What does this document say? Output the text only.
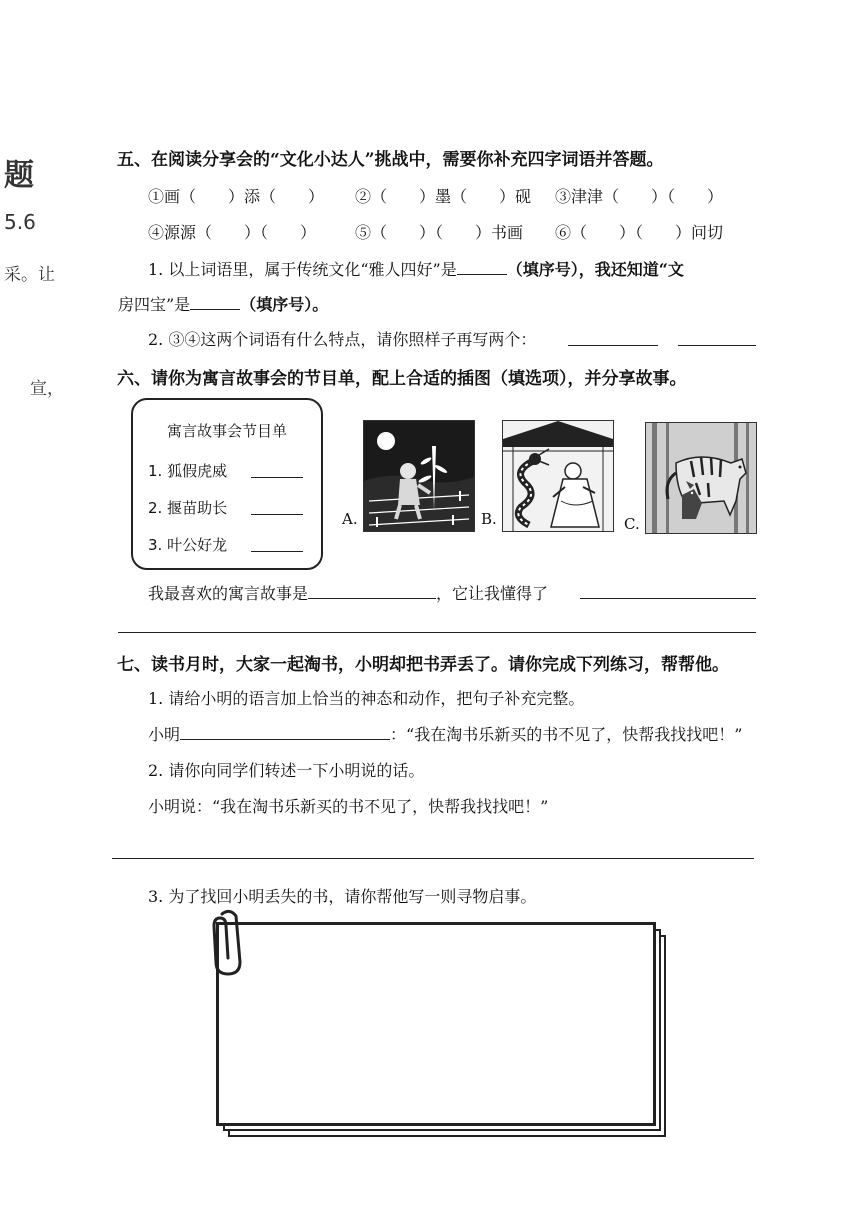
题
5.6
采。让
宣，
五、在阅读分享会的“文化小达人”挑战中，需要你补充四字词语并答题。
①画（　　）添（　　） ②（　　）墨（　　）砚 ③津津（　　）（　　）
④源源（　　）（　　） ⑤（　　）（　　）书画 ⑥（　　）（　　）问切
1. 以上词语里，属于传统文化“雅人四好”是	（填序号），我还知道“文
房四宝”是	（填序号）。
2. ③④这两个词语有什么特点，请你照样子再写两个：
六、请你为寓言故事会的节目单，配上合适的插图（填选项），并分享故事。
寓言故事会节目单
1. 狐假虎威
2. 揠苗助长
3. 叶公好龙
A.	B.	C.
我最喜欢的寓言故事是	，它让我懂得了
七、读书月时，大家一起淘书，小明却把书弄丢了。请你完成下列练习，帮帮他。
1. 请给小明的语言加上恰当的神态和动作，把句子补充完整。
小明	：“我在淘书乐新买的书不见了，快帮我找找吧！”
2. 请你向同学们转述一下小明说的话。
小明说：“我在淘书乐新买的书不见了，快帮我找找吧！”
3. 为了找回小明丢失的书，请你帮他写一则寻物启事。
